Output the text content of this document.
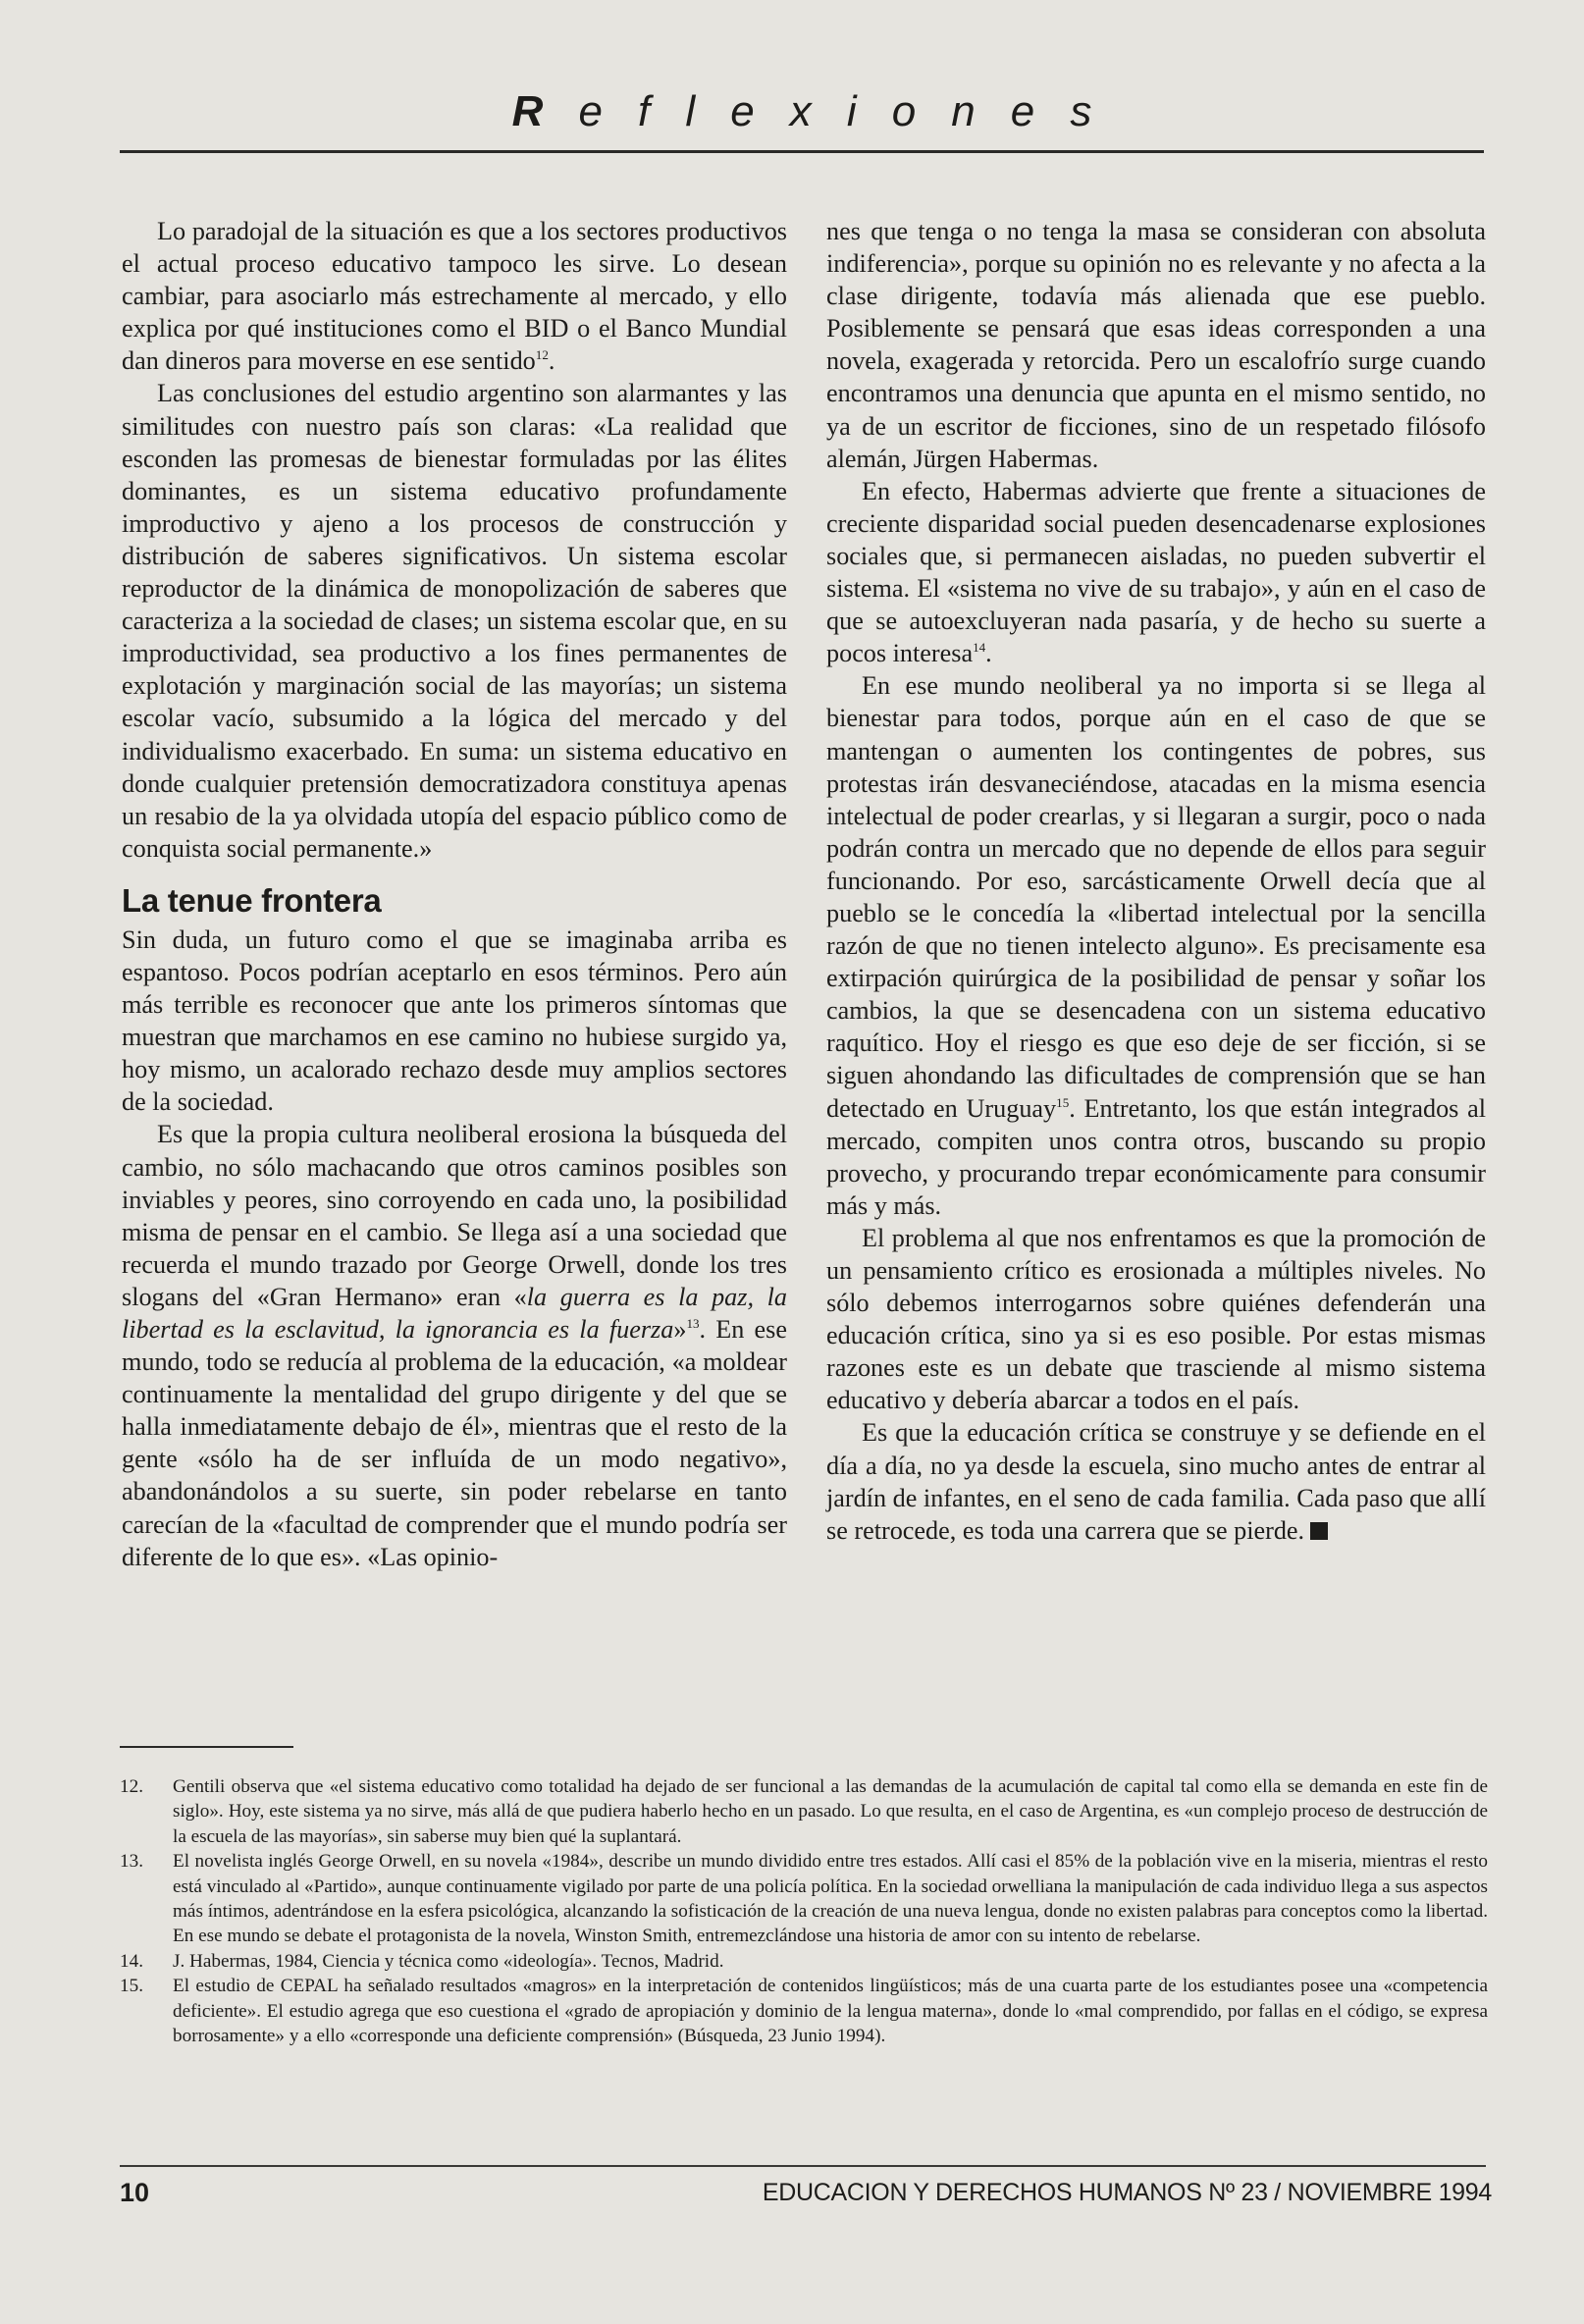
Reflexiones

Lo paradojal de la situación es que a los sectores productivos el actual proceso educativo tampoco les sirve. Lo desean cambiar, para asociarlo más estrechamente al mercado, y ello explica por qué instituciones como el BID o el Banco Mundial dan dineros para moverse en ese sentido$^{12}$.

Las conclusiones del estudio argentino son alarmantes y las similitudes con nuestro país son claras: «La realidad que esconden las promesas de bienestar formuladas por las élites dominantes, es un sistema educativo profundamente improductivo y ajeno a los procesos de construcción y distribución de saberes significativos. Un sistema escolar reproductor de la dinámica de monopolización de saberes que caracteriza a la sociedad de clases; un sistema escolar que, en su improductividad, sea productivo a los fines permanentes de explotación y marginación social de las mayorías; un sistema escolar vacío, subsumido a la lógica del mercado y del individualismo exacerbado. En suma: un sistema educativo en donde cualquier pretensión democratizadora constituya apenas un resabio de la ya olvidada utopía del espacio público como de conquista social permanente.»

La tenue frontera

Sin duda, un futuro como el que se imaginaba arriba es espantoso. Pocos podrían aceptarlo en esos términos. Pero aún más terrible es reconocer que ante los primeros síntomas que muestran que marchamos en ese camino no hubiese surgido ya, hoy mismo, un acalorado rechazo desde muy amplios sectores de la sociedad.

Es que la propia cultura neoliberal erosiona la búsqueda del cambio, no sólo machacando que otros caminos posibles son inviables y peores, sino corroyendo en cada uno, la posibilidad misma de pensar en el cambio. Se llega así a una sociedad que recuerda el mundo trazado por George Orwell, donde los tres slogans del «Gran Hermano» eran «la guerra es la paz, la libertad es la esclavitud, la ignorancia es la fuerza»$^{13}$. En ese mundo, todo se reducía al problema de la educación, «a moldear continuamente la mentalidad del grupo dirigente y del que se halla inmediatamente debajo de él», mientras que el resto de la gente «sólo ha de ser influída de un modo negativo», abandonándolos a su suerte, sin poder rebelarse en tanto carecían de la «facultad de comprender que el mundo podría ser diferente de lo que es». «Las opinio-

nes que tenga o no tenga la masa se consideran con absoluta indiferencia», porque su opinión no es relevante y no afecta a la clase dirigente, todavía más alienada que ese pueblo. Posiblemente se pensará que esas ideas corresponden a una novela, exagerada y retorcida. Pero un escalofrío surge cuando encontramos una denuncia que apunta en el mismo sentido, no ya de un escritor de ficciones, sino de un respetado filósofo alemán, Jürgen Habermas.

En efecto, Habermas advierte que frente a situaciones de creciente disparidad social pueden desencadenarse explosiones sociales que, si permanecen aisladas, no pueden subvertir el sistema. El «sistema no vive de su trabajo», y aún en el caso de que se autoexcluyeran nada pasaría, y de hecho su suerte a pocos interesa$^{14}$.

En ese mundo neoliberal ya no importa si se llega al bienestar para todos, porque aún en el caso de que se mantengan o aumenten los contingentes de pobres, sus protestas irán desvaneciéndose, atacadas en la misma esencia intelectual de poder crearlas, y si llegaran a surgir, poco o nada podrán contra un mercado que no depende de ellos para seguir funcionando. Por eso, sarcásticamente Orwell decía que al pueblo se le concedía la «libertad intelectual por la sencilla razón de que no tienen intelecto alguno». Es precisamente esa extirpación quirúrgica de la posibilidad de pensar y soñar los cambios, la que se desencadena con un sistema educativo raquítico. Hoy el riesgo es que eso deje de ser ficción, si se siguen ahondando las dificultades de comprensión que se han detectado en Uruguay$^{15}$. Entretanto, los que están integrados al mercado, compiten unos contra otros, buscando su propio provecho, y procurando trepar económicamente para consumir más y más.

El problema al que nos enfrentamos es que la promoción de un pensamiento crítico es erosionada a múltiples niveles. No sólo debemos interrogarnos sobre quiénes defenderán una educación crítica, sino ya si es eso posible. Por estas mismas razones este es un debate que trasciende al mismo sistema educativo y debería abarcar a todos en el país.

Es que la educación crítica se construye y se defiende en el día a día, no ya desde la escuela, sino mucho antes de entrar al jardín de infantes, en el seno de cada familia. Cada paso que allí se retrocede, es toda una carrera que se pierde.

12.	Gentili observa que «el sistema educativo como totalidad ha dejado de ser funcional a las demandas de la acumulación de capital tal como ella se demanda en este fin de siglo». Hoy, este sistema ya no sirve, más allá de que pudiera haberlo hecho en un pasado. Lo que resulta, en el caso de Argentina, es «un complejo proceso de destrucción de la escuela de las mayorías», sin saberse muy bien qué la suplantará.
13.	El novelista inglés George Orwell, en su novela «1984», describe un mundo dividido entre tres estados. Allí casi el 85% de la población vive en la miseria, mientras el resto está vinculado al «Partido», aunque continuamente vigilado por parte de una policía política. En la sociedad orwelliana la manipulación de cada individuo llega a sus aspectos más íntimos, adentrándose en la esfera psicológica, alcanzando la sofisticación de la creación de una nueva lengua, donde no existen palabras para conceptos como la libertad. En ese mundo se debate el protagonista de la novela, Winston Smith, entremezclándose una historia de amor con su intento de rebelarse.
14.	J. Habermas, 1984, Ciencia y técnica como «ideología». Tecnos, Madrid.
15.	El estudio de CEPAL ha señalado resultados «magros» en la interpretación de contenidos lingüísticos; más de una cuarta parte de los estudiantes posee una «competencia deficiente». El estudio agrega que eso cuestiona el «grado de apropiación y dominio de la lengua materna», donde lo «mal comprendido, por fallas en el código, se expresa borrosamente» y a ello «corresponde una deficiente comprensión» (Búsqueda, 23 Junio 1994).
10	EDUCACION Y DERECHOS HUMANOS Nº 23 / NOVIEMBRE 1994
